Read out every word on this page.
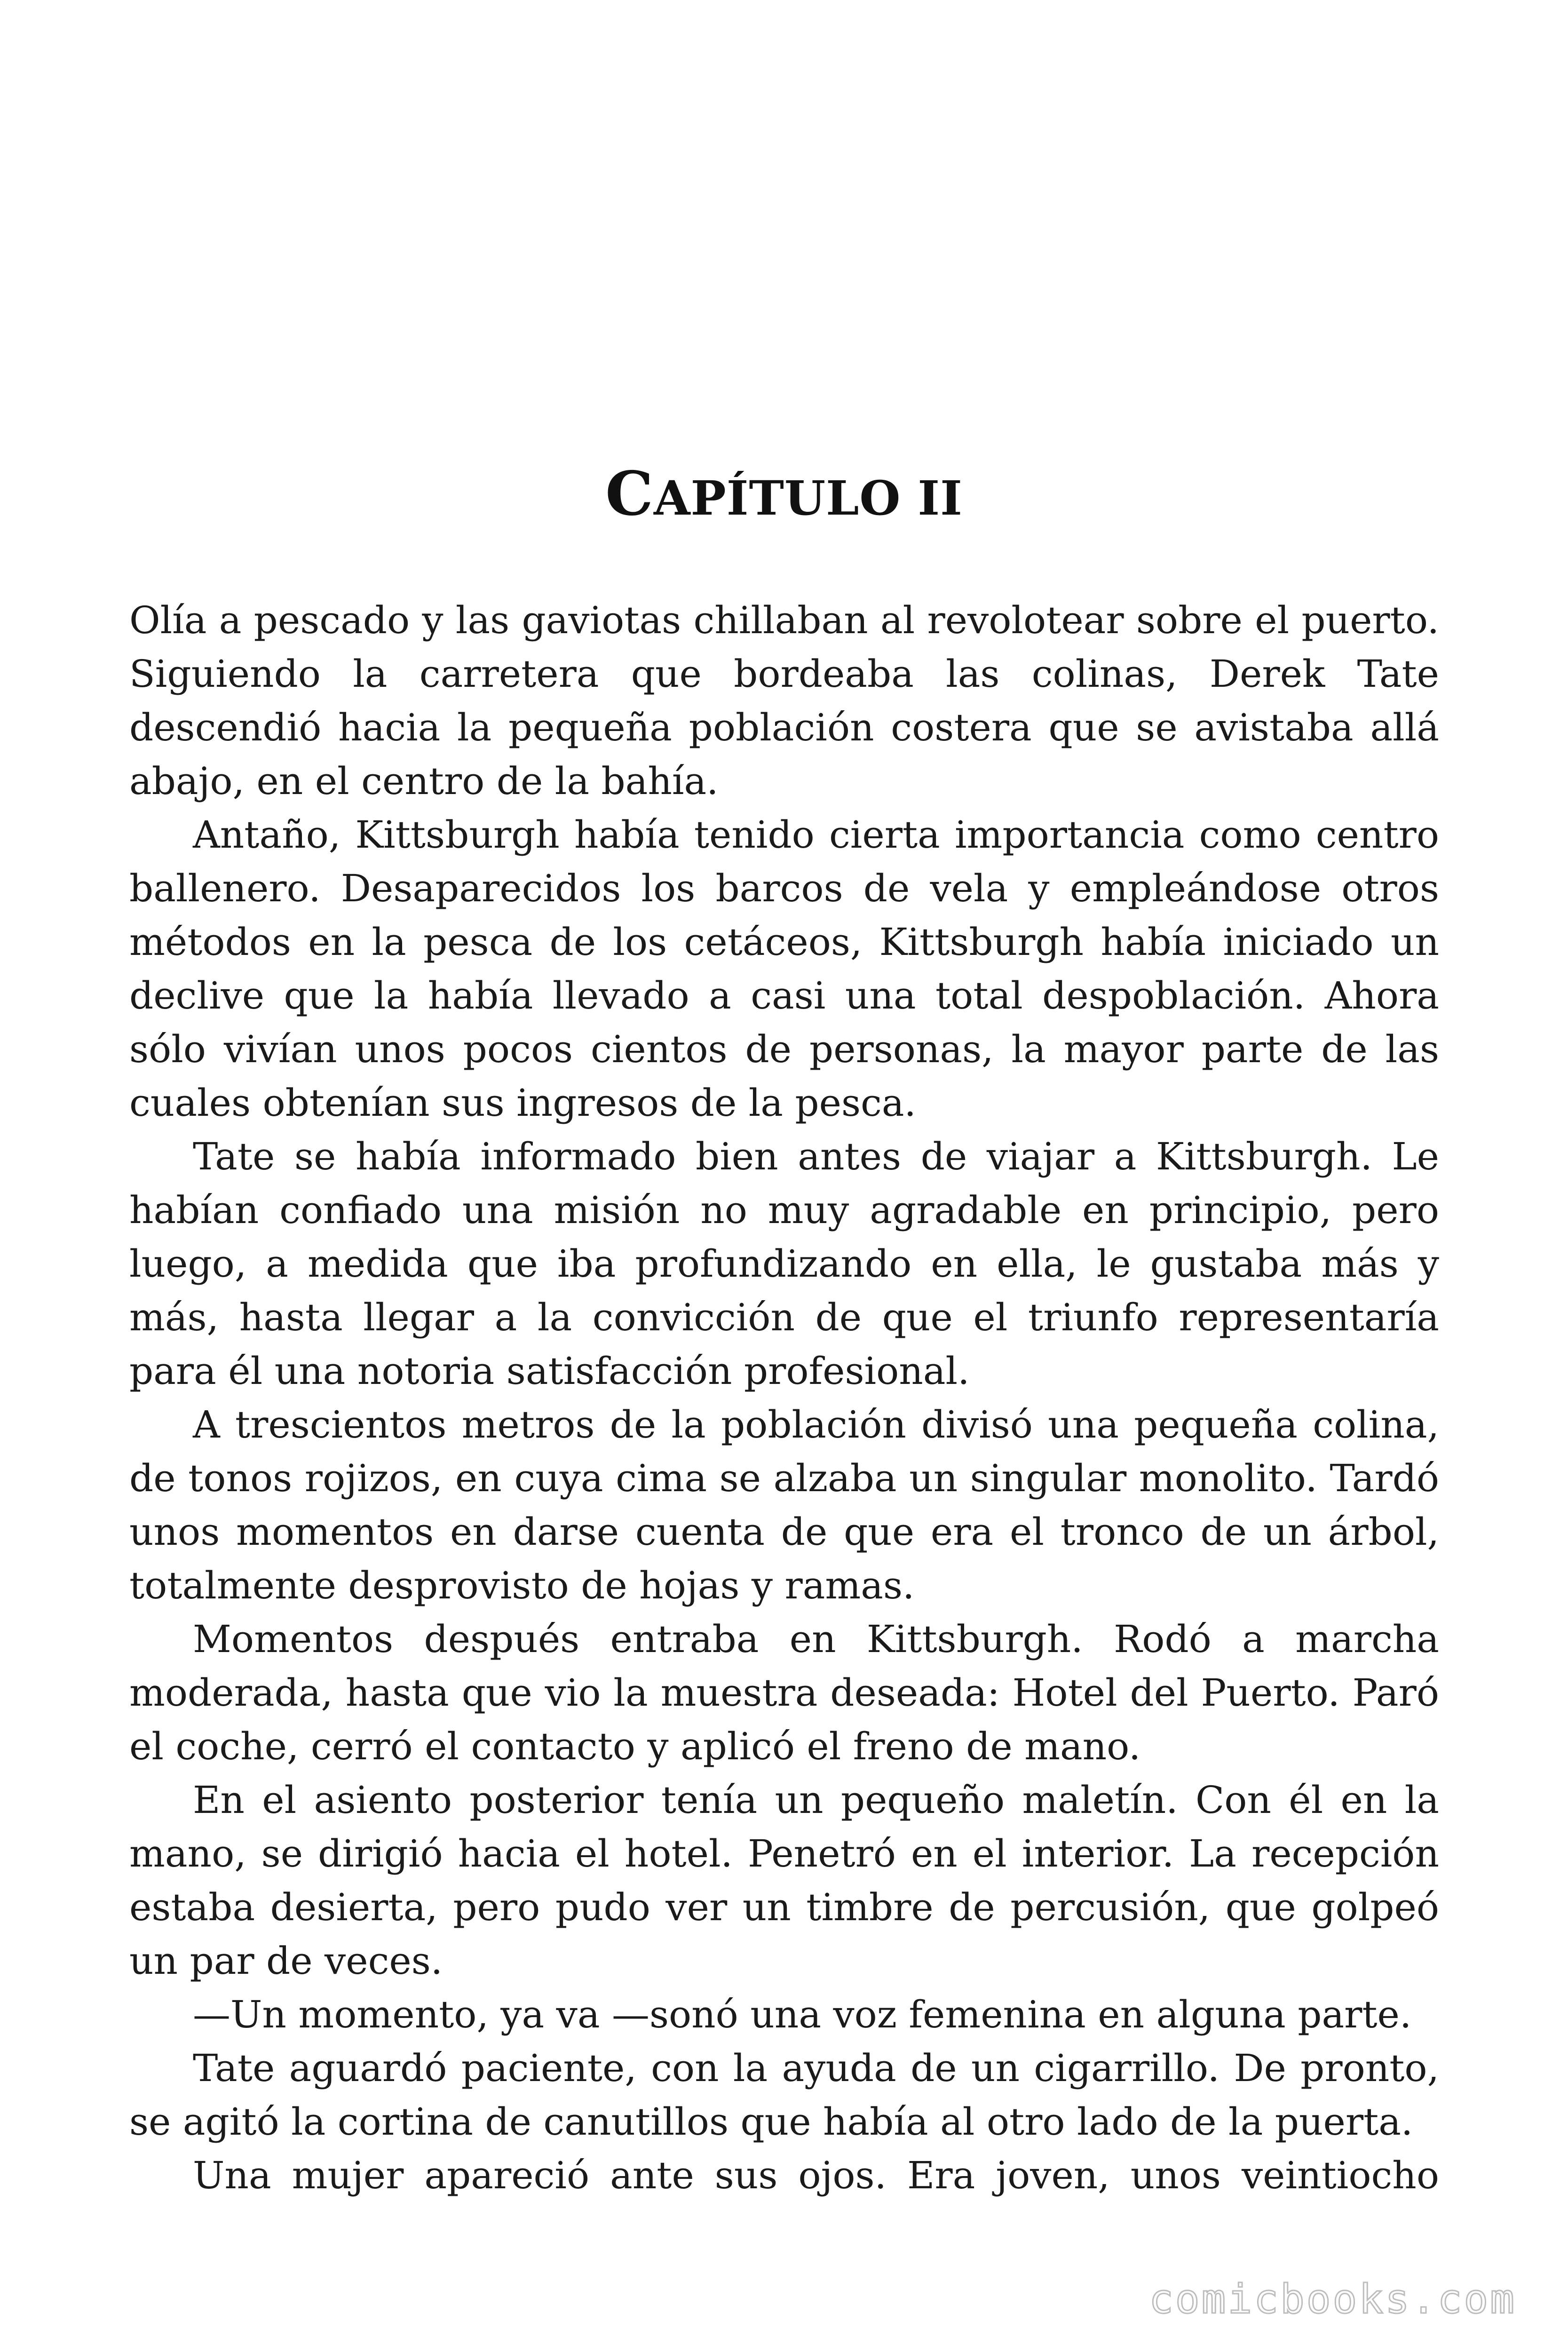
CAPÍTULO II

Olía a pescado y las gaviotas chillaban al revolotear sobre el puerto. Siguiendo la carretera que bordeaba las colinas, Derek Tate descendió hacia la pequeña población costera que se avistaba allá abajo, en el centro de la bahía.

Antaño, Kittsburgh había tenido cierta importancia como centro ballenero. Desaparecidos los barcos de vela y empleándose otros métodos en la pesca de los cetáceos, Kittsburgh había iniciado un declive que la había llevado a casi una total despoblación. Ahora sólo vivían unos pocos cientos de personas, la mayor parte de las cuales obtenían sus ingresos de la pesca.

Tate se había informado bien antes de viajar a Kittsburgh. Le habían confiado una misión no muy agradable en principio, pero luego, a medida que iba profundizando en ella, le gustaba más y más, hasta llegar a la convicción de que el triunfo representaría para él una notoria satisfacción profesional.

A trescientos metros de la población divisó una pequeña colina, de tonos rojizos, en cuya cima se alzaba un singular monolito. Tardó unos momentos en darse cuenta de que era el tronco de un árbol, totalmente desprovisto de hojas y ramas.

Momentos después entraba en Kittsburgh. Rodó a marcha moderada, hasta que vio la muestra deseada: Hotel del Puerto. Paró el coche, cerró el contacto y aplicó el freno de mano.

En el asiento posterior tenía un pequeño maletín. Con él en la mano, se dirigió hacia el hotel. Penetró en el interior. La recepción estaba desierta, pero pudo ver un timbre de percusión, que golpeó un par de veces.

—Un momento, ya va —sonó una voz femenina en alguna parte.

Tate aguardó paciente, con la ayuda de un cigarrillo. De pronto, se agitó la cortina de canutillos que había al otro lado de la puerta.

Una mujer apareció ante sus ojos. Era joven, unos veintiocho

comicbooks.com
